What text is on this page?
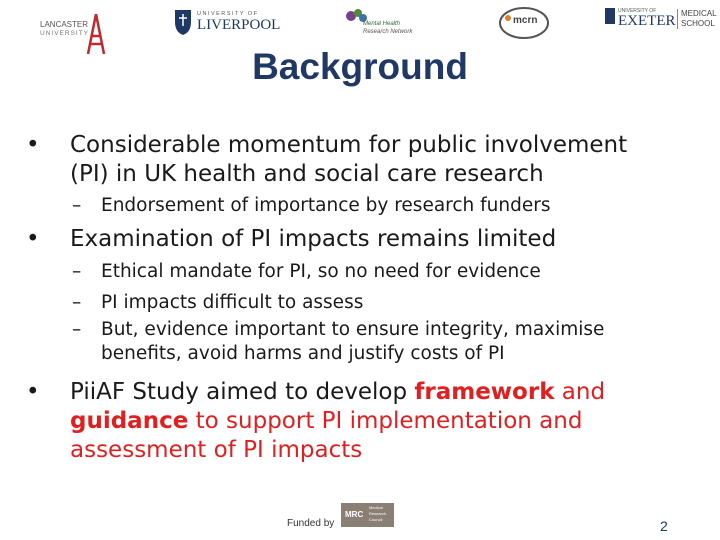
LANCASTER
UNIVERSITY
UNIVERSITY OF
LIVERPOOL	Mental Health
Research Network
mcrn
UNIVERSITY OF
EXETER MEDICAL
SCHOOL
Background
• Considerable momentum for public involvement
(PI) in UK health and social care research
– Endorsement of importance by research funders
• Examination of PI impacts remains limited
– Ethical mandate for PI, so no need for evidence
– PI impacts difficult to assess
– But, evidence important to ensure integrity, maximise
benefits, avoid harms and justify costs of PI
• PiiAF Study aimed to develop framework and
guidance to support PI implementation and
assessment of PI impacts
Funded by
MRC
Medical
Research
Council	2
